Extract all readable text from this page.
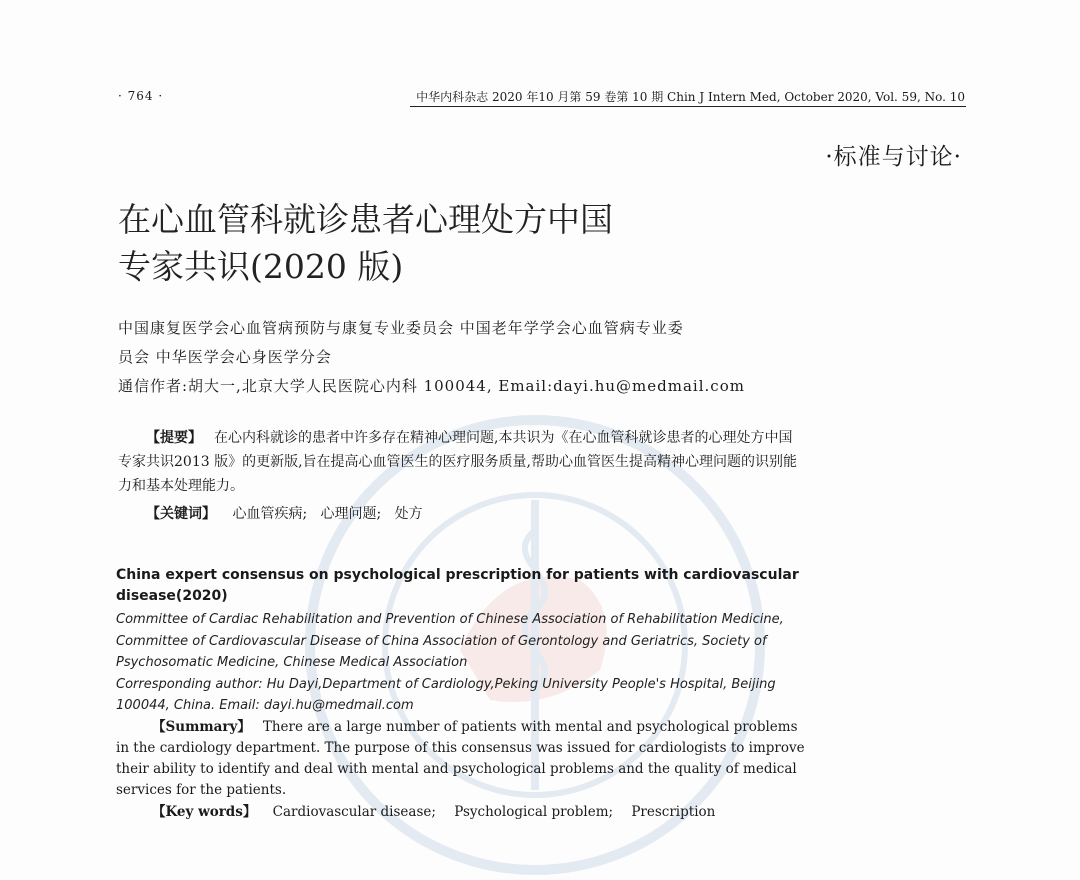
· 764 ·	中华内科杂志 2020 年10 月第 59 卷第 10 期 Chin J Intern Med, October 2020, Vol. 59, No. 10
·标准与讨论·
在心血管科就诊患者心理处方中国
专家共识(2020 版)
中国康复医学会心血管病预防与康复专业委员会 中国老年学学会心血管病专业委
员会 中华医学会心身医学分会
通信作者:胡大一,北京大学人民医院心内科 100044, Email:dayi.hu@medmail.com

【提要】 在心内科就诊的患者中许多存在精神心理问题,本共识为《在心血管科就诊患者的心理处方中国专家共识2013 版》的更新版,旨在提高心血管医生的医疗服务质量,帮助心血管医生提高精神心理问题的识别能力和基本处理能力。

【关键词】 心血管疾病; 心理问题; 处方

China expert consensus on psychological prescription for patients with cardiovascular
disease(2020)

Committee of Cardiac Rehabilitation and Prevention of Chinese Association of Rehabilitation Medicine,
Committee of Cardiovascular Disease of China Association of Gerontology and Geriatrics, Society of
Psychosomatic Medicine, Chinese Medical Association

Corresponding author: Hu Dayi,Department of Cardiology,Peking University People's Hospital, Beijing
100044, China. Email: dayi.hu@medmail.com

【Summary】 There are a large number of patients with mental and psychological problems
in the cardiology department. The purpose of this consensus was issued for cardiologists to improve
their ability to identify and deal with mental and psychological problems and the quality of medical
services for the patients.

【Key words】 Cardiovascular disease; Psychological problem; Prescription
